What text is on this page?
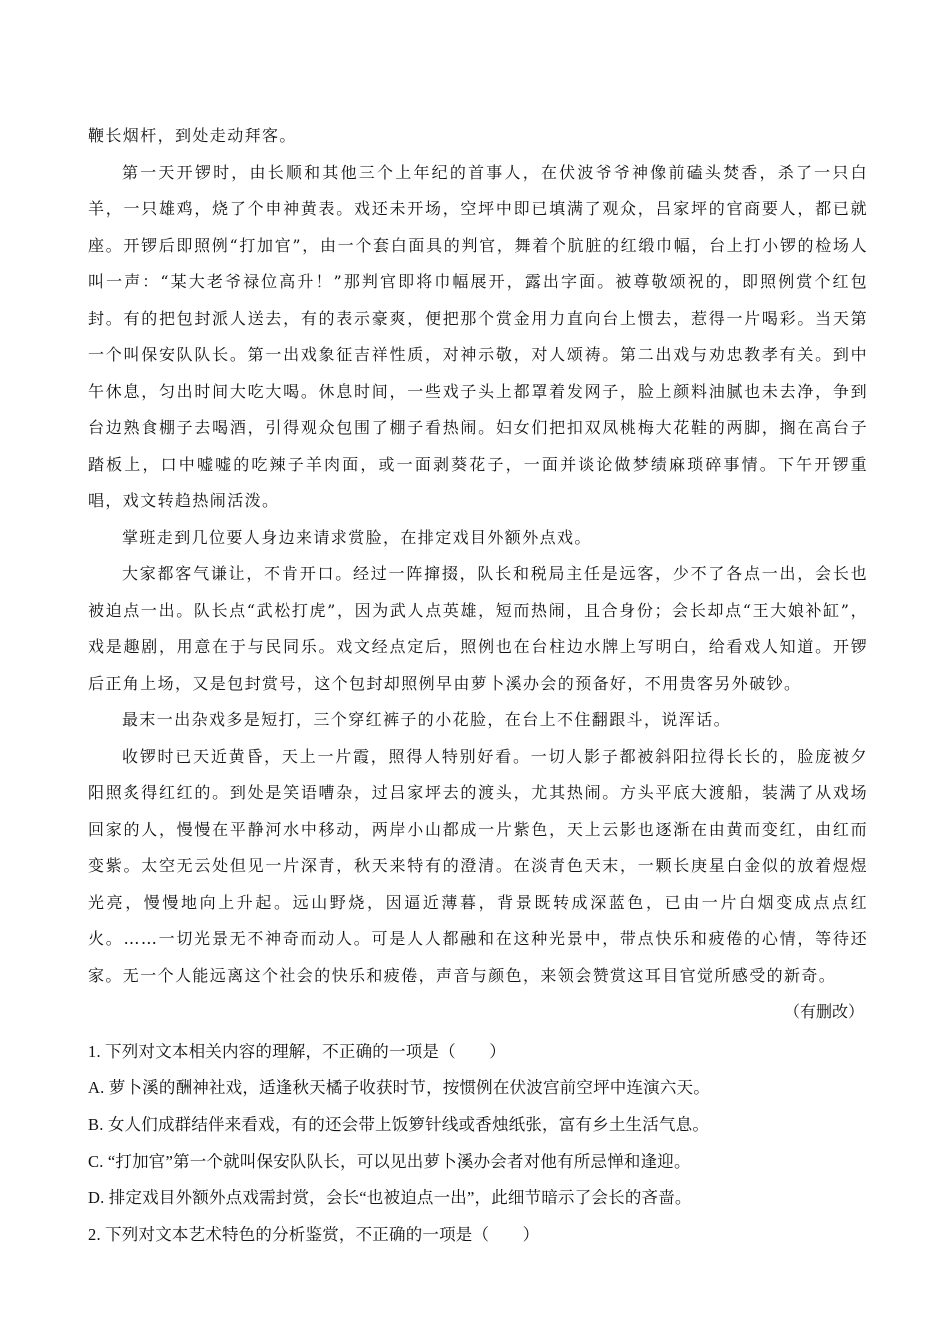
鞭长烟杆，到处走动拜客。

第一天开锣时，由长顺和其他三个上年纪的首事人，在伏波爷爷神像前磕头焚香，杀了一只白羊，一只雄鸡，烧了个申神黄表。戏还未开场，空坪中即已填满了观众，吕家坪的官商要人，都已就座。开锣后即照例“打加官”，由一个套白面具的判官，舞着个肮脏的红缎巾幅，台上打小锣的检场人叫一声：“某大老爷禄位高升！”那判官即将巾幅展开，露出字面。被尊敬颂祝的，即照例赏个红包封。有的把包封派人送去，有的表示豪爽，便把那个赏金用力直向台上惯去，惹得一片喝彩。当天第一个叫保安队队长。第一出戏象征吉祥性质，对神示敬，对人颂祷。第二出戏与劝忠教孝有关。到中午休息，匀出时间大吃大喝。休息时间，一些戏子头上都罩着发网子，脸上颜料油腻也未去净，争到台边熟食棚子去喝酒，引得观众包围了棚子看热闹。妇女们把扣双凤桃梅大花鞋的两脚，搁在高台子踏板上，口中嘘嘘的吃辣子羊肉面，或一面剥葵花子，一面并谈论做梦绩麻琐碎事情。下午开锣重唱，戏文转趋热闹活泼。

掌班走到几位要人身边来请求赏脸，在排定戏目外额外点戏。

大家都客气谦让，不肯开口。经过一阵撺掇，队长和税局主任是远客，少不了各点一出，会长也被迫点一出。队长点“武松打虎”，因为武人点英雄，短而热闹，且合身份；会长却点“王大娘补缸”，戏是趣剧，用意在于与民同乐。戏文经点定后，照例也在台柱边水牌上写明白，给看戏人知道。开锣后正角上场，又是包封赏号，这个包封却照例早由萝卜溪办会的预备好，不用贵客另外破钞。

最末一出杂戏多是短打，三个穿红裤子的小花脸，在台上不住翻跟斗，说浑话。

收锣时已天近黄昏，天上一片霞，照得人特别好看。一切人影子都被斜阳拉得长长的，脸庞被夕阳照炙得红红的。到处是笑语嘈杂，过吕家坪去的渡头，尤其热闹。方头平底大渡船，装满了从戏场回家的人，慢慢在平静河水中移动，两岸小山都成一片紫色，天上云影也逐渐在由黄而变红，由红而变紫。太空无云处但见一片深青，秋天来特有的澄清。在淡青色天末，一颗长庚星白金似的放着煜煜光亮，慢慢地向上升起。远山野烧，因逼近薄暮，背景既转成深蓝色，已由一片白烟变成点点红火。……一切光景无不神奇而动人。可是人人都融和在这种光景中，带点快乐和疲倦的心情，等待还家。无一个人能远离这个社会的快乐和疲倦，声音与颜色，来领会赞赏这耳目官觉所感受的新奇。

（有删改）

1. 下列对文本相关内容的理解，不正确的一项是（　　）

A. 萝卜溪的酬神社戏，适逢秋天橘子收获时节，按惯例在伏波宫前空坪中连演六天。

B. 女人们成群结伴来看戏，有的还会带上饭箩针线或香烛纸张，富有乡土生活气息。

C. “打加官”第一个就叫保安队队长，可以见出萝卜溪办会者对他有所忌惮和逢迎。

D. 排定戏目外额外点戏需封赏，会长“也被迫点一出”，此细节暗示了会长的吝啬。

2. 下列对文本艺术特色的分析鉴赏，不正确的一项是（　　）
